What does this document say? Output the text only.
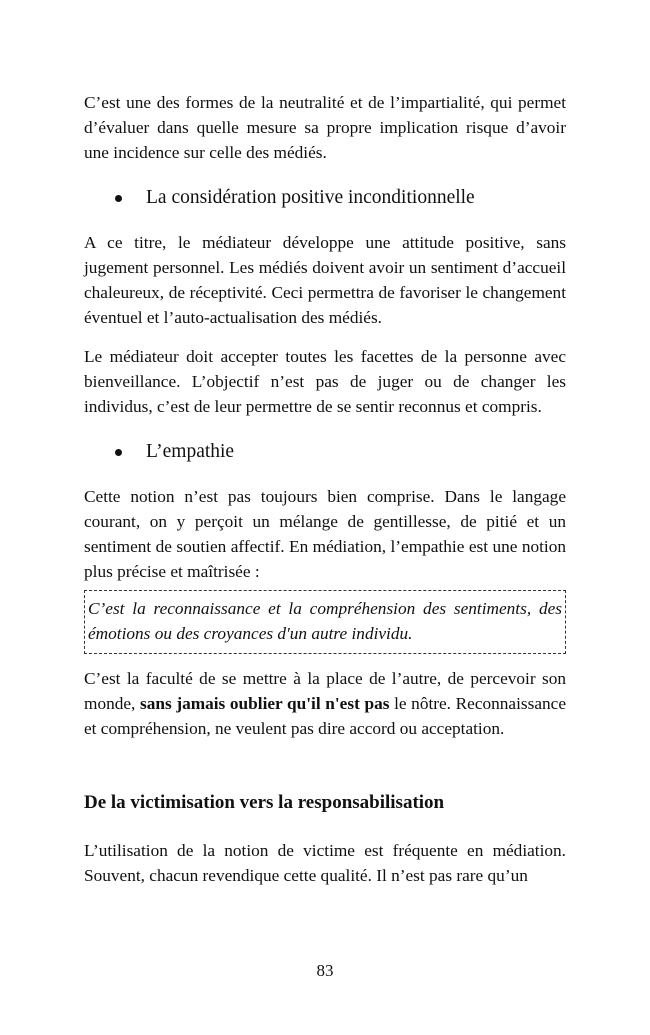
C’est une des formes de la neutralité et de l’impartialité, qui permet d’évaluer dans quelle mesure sa propre implication risque d’avoir une incidence sur celle des médiés.

La considération positive inconditionnelle

A ce titre, le médiateur développe une attitude positive, sans jugement personnel. Les médiés doivent avoir un sentiment d’accueil chaleureux, de réceptivité. Ceci permettra de favoriser le changement éventuel et l’auto-actualisation des médiés.

Le médiateur doit accepter toutes les facettes de la personne avec bienveillance. L’objectif n’est pas de juger ou de changer les individus, c’est de leur permettre de se sentir reconnus et compris.

L’empathie

Cette notion n’est pas toujours bien comprise. Dans le langage courant, on y perçoit un mélange de gentillesse, de pitié et un sentiment de soutien affectif. En médiation, l’empathie est une notion plus précise et maîtrisée :

C’est la reconnaissance et la compréhension des sentiments, des émotions ou des croyances d'un autre individu.

C’est la faculté de se mettre à la place de l’autre, de percevoir son monde, sans jamais oublier qu'il n'est pas le nôtre. Reconnaissance et compréhension, ne veulent pas dire accord ou acceptation.

De la victimisation vers la responsabilisation

L’utilisation de la notion de victime est fréquente en médiation. Souvent, chacun revendique cette qualité. Il n’est pas rare qu’un

83
